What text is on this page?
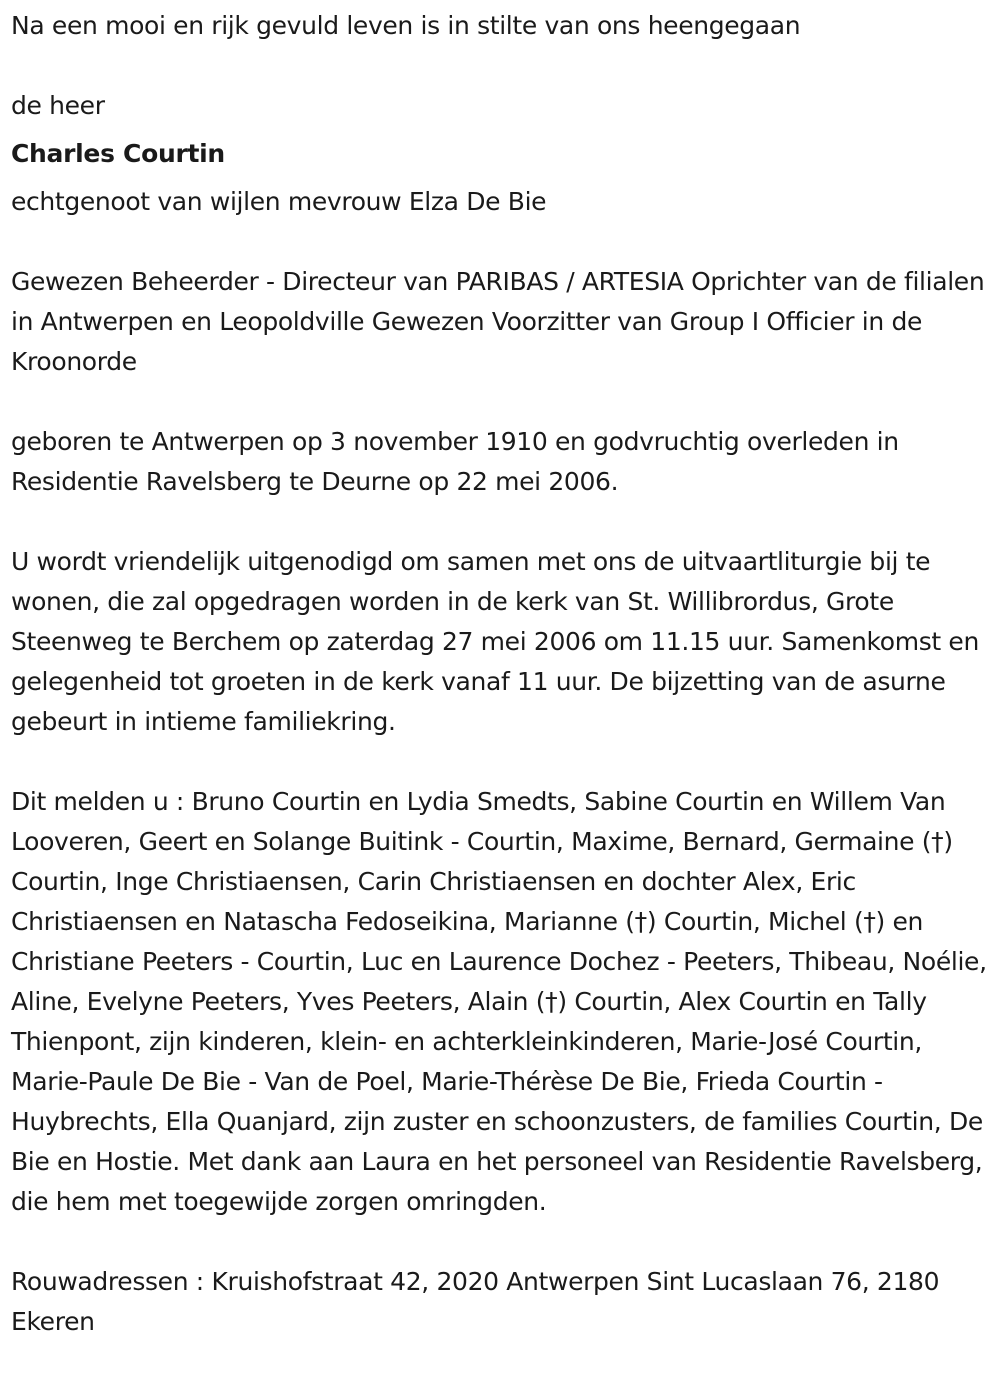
Na een mooi en rijk gevuld leven is in stilte van ons heengegaan

de heer

Charles Courtin

echtgenoot van wijlen mevrouw Elza De Bie

Gewezen Beheerder - Directeur van PARIBAS / ARTESIA Oprichter van de filialen in Antwerpen en Leopoldville Gewezen Voorzitter van Group I Officier in de Kroonorde

geboren te Antwerpen op 3 november 1910 en godvruchtig overleden in Residentie Ravelsberg te Deurne op 22 mei 2006.

U wordt vriendelijk uitgenodigd om samen met ons de uitvaartliturgie bij te wonen, die zal opgedragen worden in de kerk van St. Willibrordus, Grote Steenweg te Berchem op zaterdag 27 mei 2006 om 11.15 uur. Samenkomst en gelegenheid tot groeten in de kerk vanaf 11 uur. De bijzetting van de asurne gebeurt in intieme familiekring.

Dit melden u : Bruno Courtin en Lydia Smedts, Sabine Courtin en Willem Van Looveren, Geert en Solange Buitink - Courtin, Maxime, Bernard, Germaine (†) Courtin, Inge Christiaensen, Carin Christiaensen en dochter Alex, Eric Christiaensen en Natascha Fedoseikina, Marianne (†) Courtin, Michel (†) en Christiane Peeters - Courtin, Luc en Laurence Dochez - Peeters, Thibeau, Noélie, Aline, Evelyne Peeters, Yves Peeters, Alain (†) Courtin, Alex Courtin en Tally Thienpont, zijn kinderen, klein- en achterkleinkinderen, Marie-José Courtin, Marie-Paule De Bie - Van de Poel, Marie-Thérèse De Bie, Frieda Courtin - Huybrechts, Ella Quanjard, zijn zuster en schoonzusters, de families Courtin, De Bie en Hostie. Met dank aan Laura en het personeel van Residentie Ravelsberg, die hem met toegewijde zorgen omringden.

Rouwadressen : Kruishofstraat 42, 2020 Antwerpen Sint Lucaslaan 76, 2180 Ekeren
